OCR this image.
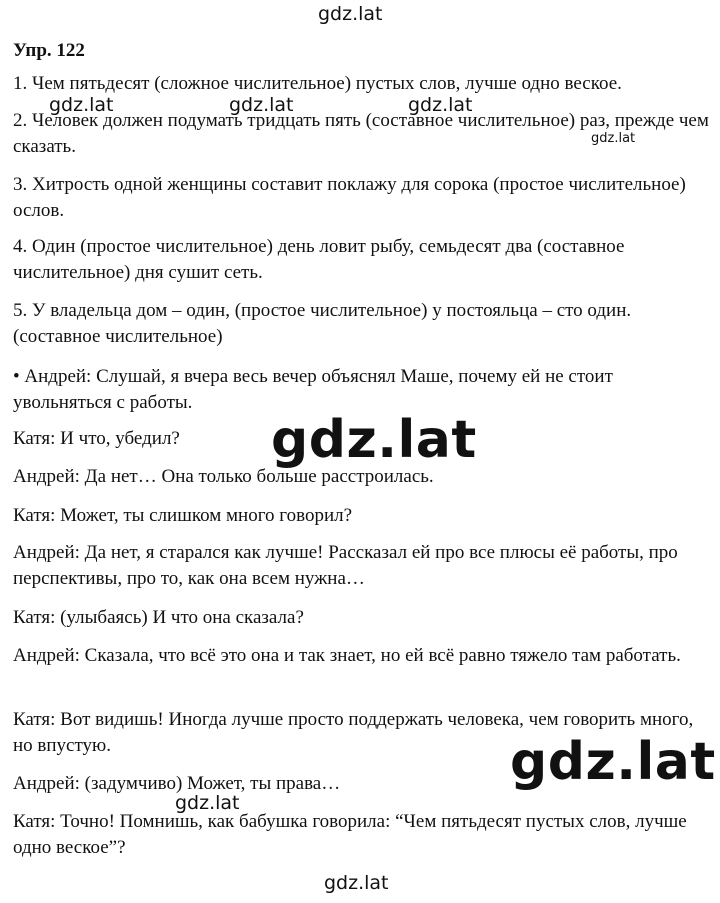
gdz.lat
Упр. 122
1. Чем пятьдесят (сложное числительное) пустых слов, лучше одно веское.
2. Человек должен подумать тридцать пять (составное числительное) раз, прежде чем сказать.
3. Хитрость одной женщины составит поклажу для сорока (простое числительное) ослов.
4. Один (простое числительное) день ловит рыбу, семьдесят два (составное числительное) дня сушит сеть.
5. У владельца дом – один, (простое числительное) у постояльца – сто один. (составное числительное)
• Андрей: Слушай, я вчера весь вечер объяснял Маше, почему ей не стоит увольняться с работы.
Катя: И что, убедил?
Андрей: Да нет… Она только больше расстроилась.
Катя: Может, ты слишком много говорил?
Андрей: Да нет, я старался как лучше! Рассказал ей про все плюсы её работы, про перспективы, про то, как она всем нужна…
Катя: (улыбаясь) И что она сказала?
Андрей: Сказала, что всё это она и так знает, но ей всё равно тяжело там работать.
Катя: Вот видишь! Иногда лучше просто поддержать человека, чем говорить много, но впустую.
Андрей: (задумчиво) Может, ты права…
Катя: Точно! Помнишь, как бабушка говорила: “Чем пятьдесят пустых слов, лучше одно веское”?
gdz.lat	gdz.lat	gdz.lat
gdz.lat
gdz.lat
gdz.lat
gdz.lat
gdz.lat
